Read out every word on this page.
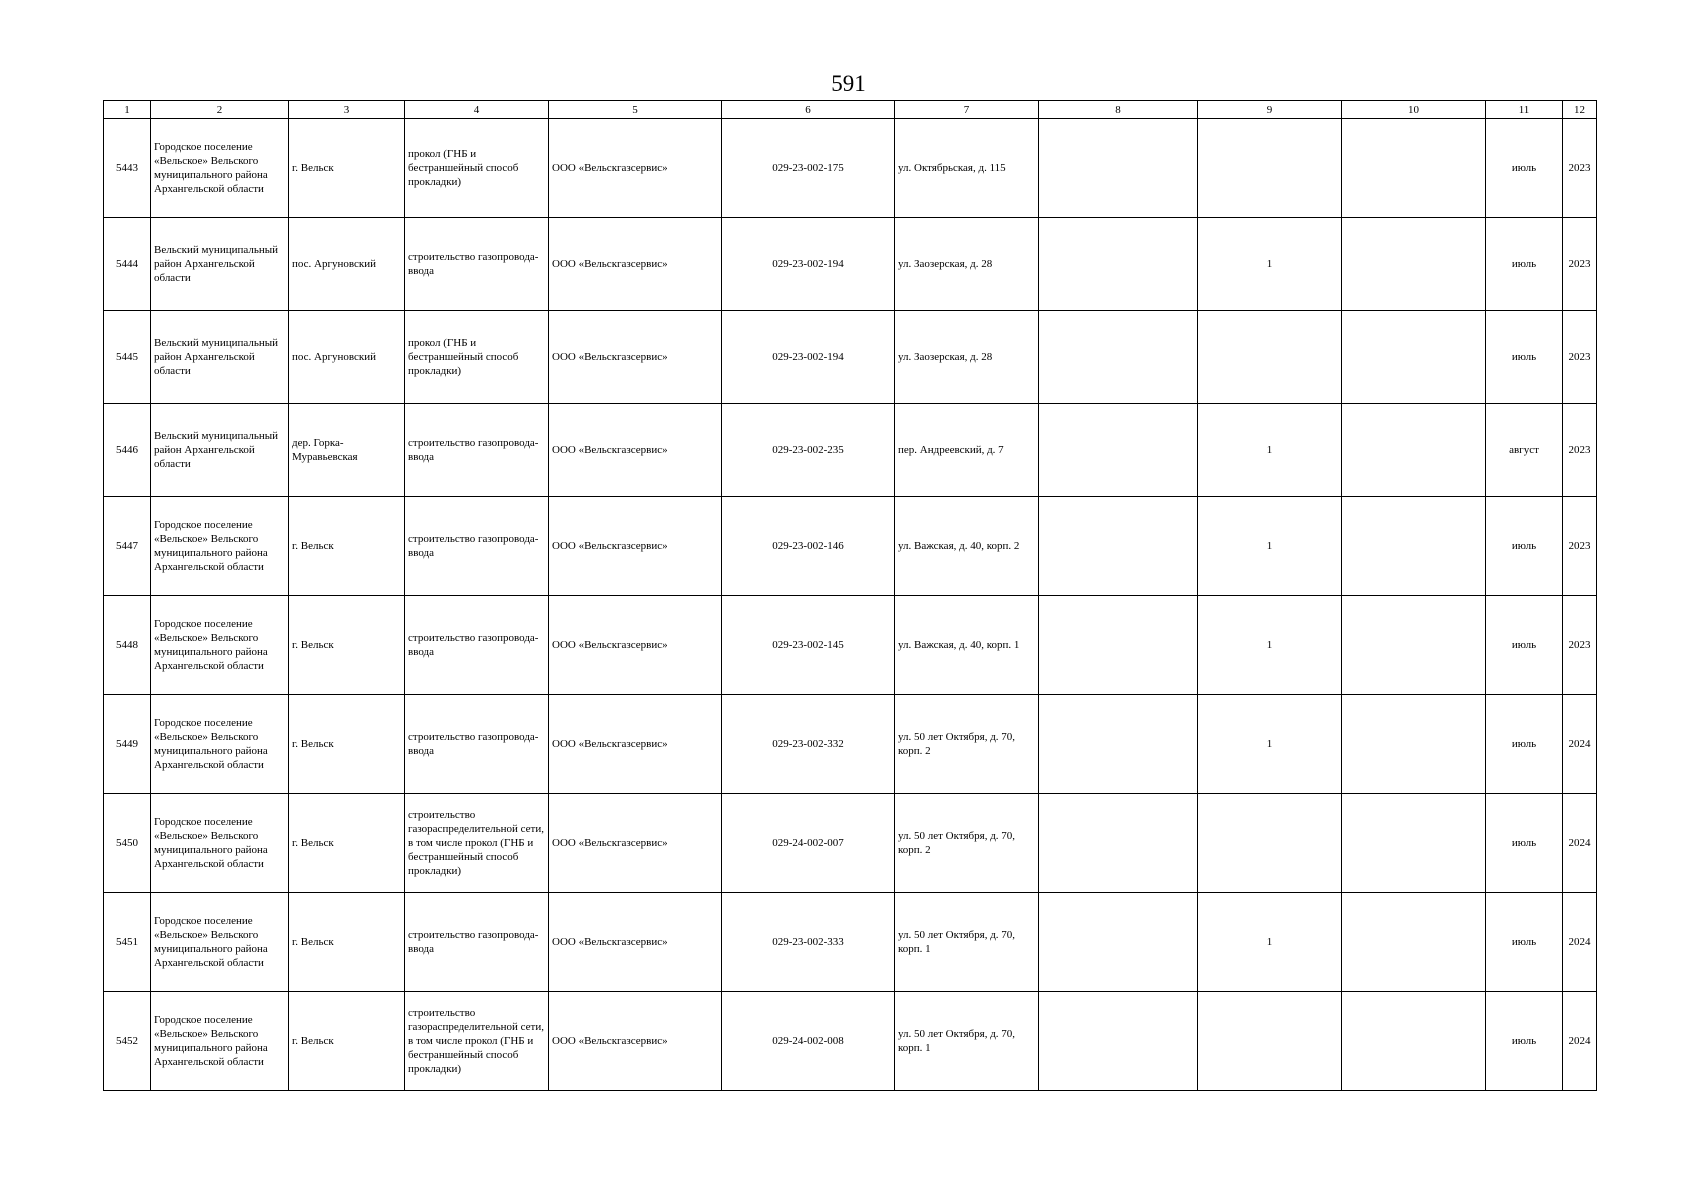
591
1	2	3	4	5	6	7	8	9	10	11	12
5443	Городское поселение «Вельское» Вельского муниципального района Архангельской области	г. Вельск	прокол (ГНБ и бестраншейный способ прокладки)	ООО «Вельскгазсервис»	029-23-002-175	ул. Октябрьская, д. 115				июль	2023
5444	Вельский муниципальный район Архангельской области	пос. Аргуновский	строительство газопровода-ввода	ООО «Вельскгазсервис»	029-23-002-194	ул. Заозерская, д. 28		1		июль	2023
5445	Вельский муниципальный район Архангельской области	пос. Аргуновский	прокол (ГНБ и бестраншейный способ прокладки)	ООО «Вельскгазсервис»	029-23-002-194	ул. Заозерская, д. 28				июль	2023
5446	Вельский муниципальный район Архангельской области	дер. Горка-Муравьевская	строительство газопровода-ввода	ООО «Вельскгазсервис»	029-23-002-235	пер. Андреевский, д. 7		1		август	2023
5447	Городское поселение «Вельское» Вельского муниципального района Архангельской области	г. Вельск	строительство газопровода-ввода	ООО «Вельскгазсервис»	029-23-002-146	ул. Важская, д. 40, корп. 2		1		июль	2023
5448	Городское поселение «Вельское» Вельского муниципального района Архангельской области	г. Вельск	строительство газопровода-ввода	ООО «Вельскгазсервис»	029-23-002-145	ул. Важская, д. 40, корп. 1		1		июль	2023
5449	Городское поселение «Вельское» Вельского муниципального района Архангельской области	г. Вельск	строительство газопровода-ввода	ООО «Вельскгазсервис»	029-23-002-332	ул. 50 лет Октября, д. 70, корп. 2		1		июль	2024
5450	Городское поселение «Вельское» Вельского муниципального района Архангельской области	г. Вельск	строительство газораспределительной сети, в том числе прокол (ГНБ и бестраншейный способ прокладки)	ООО «Вельскгазсервис»	029-24-002-007	ул. 50 лет Октября, д. 70, корп. 2				июль	2024
5451	Городское поселение «Вельское» Вельского муниципального района Архангельской области	г. Вельск	строительство газопровода-ввода	ООО «Вельскгазсервис»	029-23-002-333	ул. 50 лет Октября, д. 70, корп. 1		1		июль	2024
5452	Городское поселение «Вельское» Вельского муниципального района Архангельской области	г. Вельск	строительство газораспределительной сети, в том числе прокол (ГНБ и бестраншейный способ прокладки)	ООО «Вельскгазсервис»	029-24-002-008	ул. 50 лет Октября, д. 70, корп. 1				июль	2024
